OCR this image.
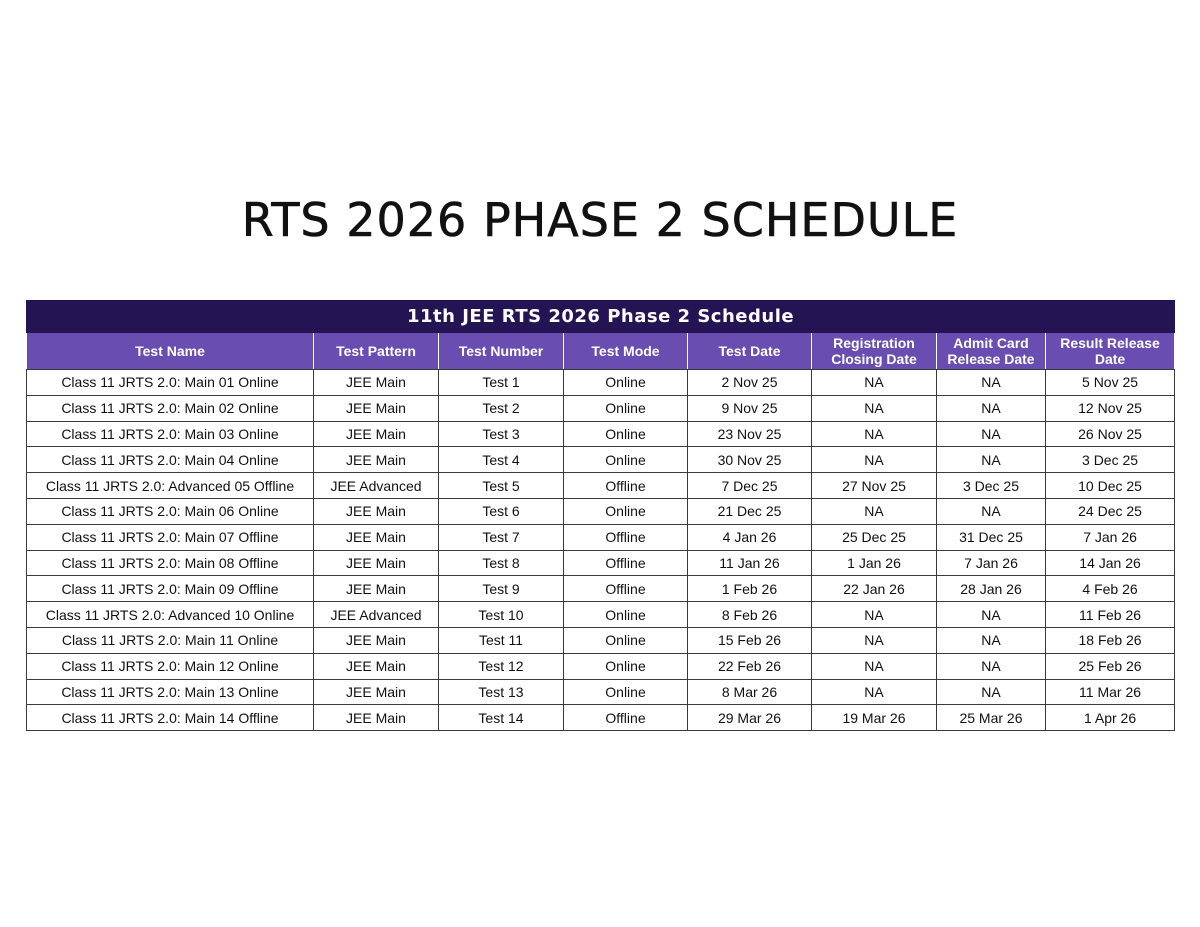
RTS 2026 PHASE 2 SCHEDULE
11th JEE RTS 2026 Phase 2 Schedule							
Test Name	Test Pattern	Test Number	Test Mode	Test Date	Registration Closing Date	Admit Card Release Date	Result Release Date
Class 11 JRTS 2.0: Main 01 Online	JEE Main	Test 1	Online	2 Nov 25	NA	NA	5 Nov 25
Class 11 JRTS 2.0: Main 02 Online	JEE Main	Test 2	Online	9 Nov 25	NA	NA	12 Nov 25
Class 11 JRTS 2.0: Main 03 Online	JEE Main	Test 3	Online	23 Nov 25	NA	NA	26 Nov 25
Class 11 JRTS 2.0: Main 04 Online	JEE Main	Test 4	Online	30 Nov 25	NA	NA	3 Dec 25
Class 11 JRTS 2.0: Advanced 05 Offline	JEE Advanced	Test 5	Offline	7 Dec 25	27 Nov 25	3 Dec 25	10 Dec 25
Class 11 JRTS 2.0: Main 06 Online	JEE Main	Test 6	Online	21 Dec 25	NA	NA	24 Dec 25
Class 11 JRTS 2.0: Main 07 Offline	JEE Main	Test 7	Offline	4 Jan 26	25 Dec 25	31 Dec 25	7 Jan 26
Class 11 JRTS 2.0: Main 08 Offline	JEE Main	Test 8	Offline	11 Jan 26	1 Jan 26	7 Jan 26	14 Jan 26
Class 11 JRTS 2.0: Main 09 Offline	JEE Main	Test 9	Offline	1 Feb 26	22 Jan 26	28 Jan 26	4 Feb 26
Class 11 JRTS 2.0: Advanced 10 Online	JEE Advanced	Test 10	Online	8 Feb 26	NA	NA	11 Feb 26
Class 11 JRTS 2.0: Main 11 Online	JEE Main	Test 11	Online	15 Feb 26	NA	NA	18 Feb 26
Class 11 JRTS 2.0: Main 12 Online	JEE Main	Test 12	Online	22 Feb 26	NA	NA	25 Feb 26
Class 11 JRTS 2.0: Main 13 Online	JEE Main	Test 13	Online	8 Mar 26	NA	NA	11 Mar 26
Class 11 JRTS 2.0: Main 14 Offline	JEE Main	Test 14	Offline	29 Mar 26	19 Mar 26	25 Mar 26	1 Apr 26
